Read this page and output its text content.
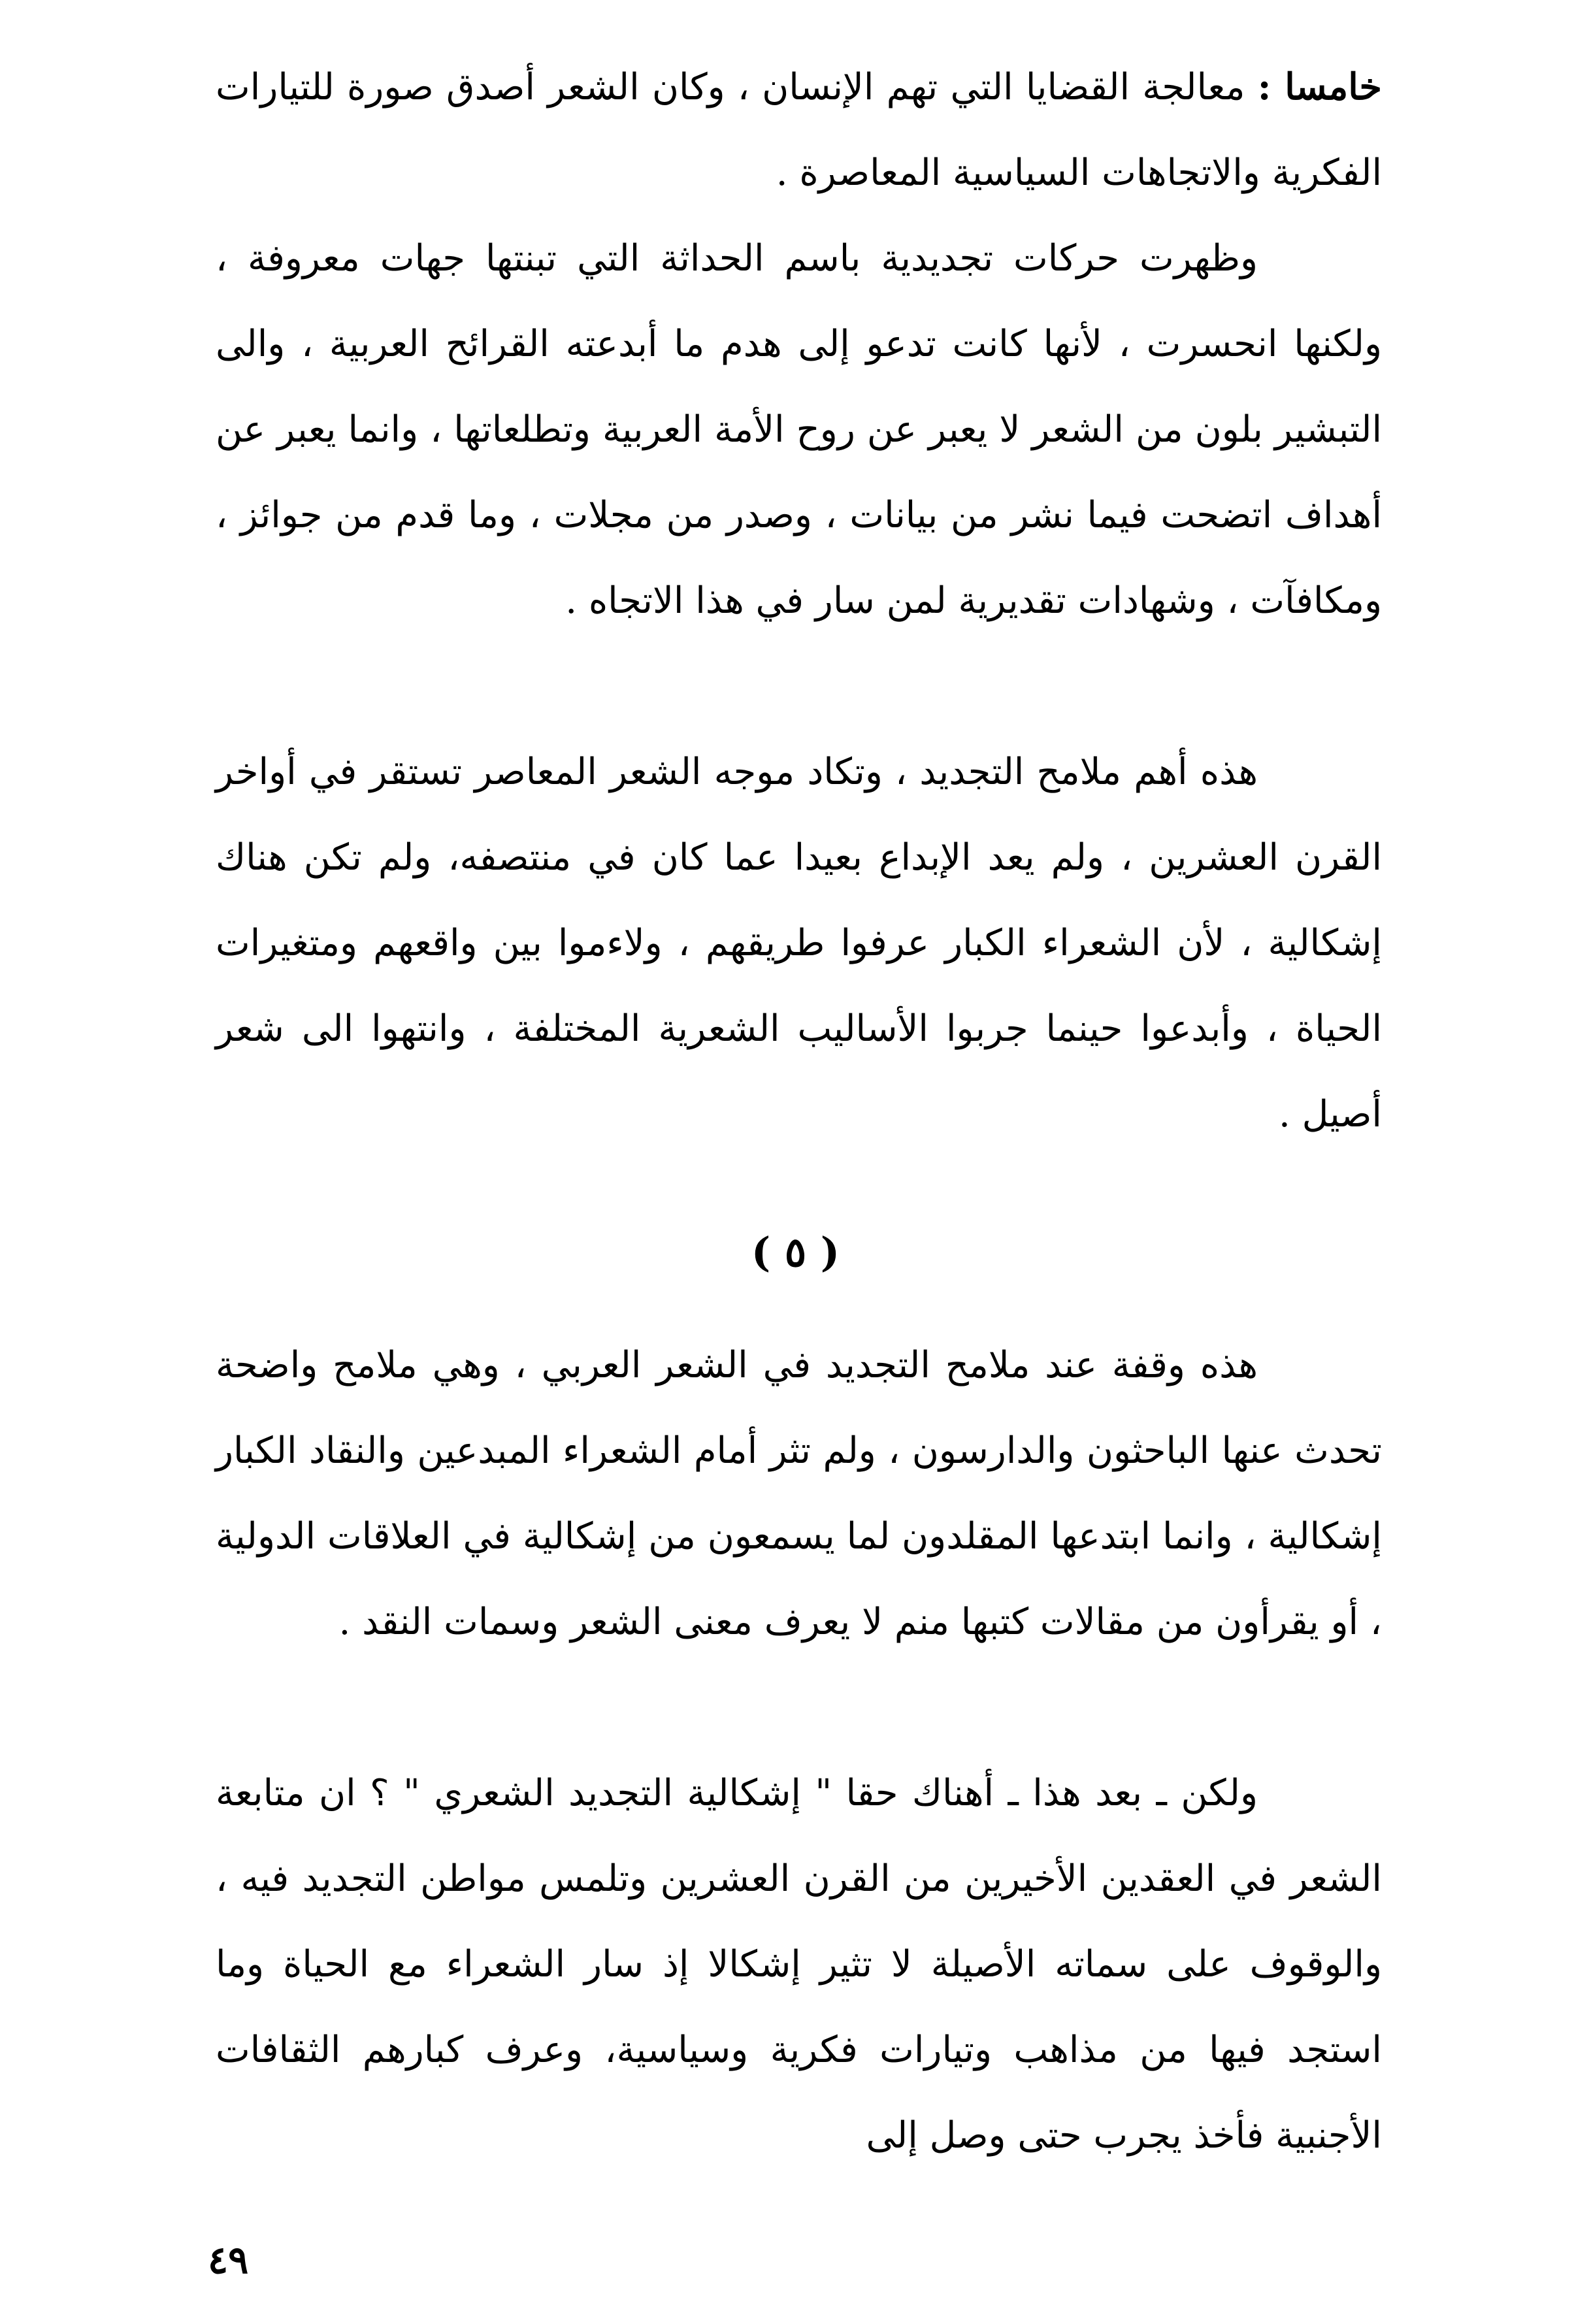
خامسا : معالجة القضايا التي تهم الإنسان ، وكان الشعر أصدق صورة للتيارات الفكرية والاتجاهات السياسية المعاصرة .

وظهرت حركات تجديدية باسم الحداثة التي تبنتها جهات معروفة ، ولكنها انحسرت ، لأنها كانت تدعو إلى هدم ما أبدعته القرائح العربية ، والى التبشير بلون من الشعر لا يعبر عن روح الأمة العربية وتطلعاتها ، وانما يعبر عن أهداف اتضحت فيما نشر من بيانات ، وصدر من مجلات ، وما قدم من جوائز ، ومكافآت ، وشهادات تقديرية لمن سار في هذا الاتجاه .

هذه أهم ملامح التجديد ، وتكاد موجه الشعر المعاصر تستقر في أواخر القرن العشرين ، ولم يعد الإبداع بعيدا عما كان في منتصفه، ولم تكن هناك إشكالية ، لأن الشعراء الكبار عرفوا طريقهم ، ولاءموا بين واقعهم ومتغيرات الحياة ، وأبدعوا حينما جربوا الأساليب الشعرية المختلفة ، وانتهوا الى شعر أصيل .

( ٥ )

هذه وقفة عند ملامح التجديد في الشعر العربي ، وهي ملامح واضحة تحدث عنها الباحثون والدارسون ، ولم تثر أمام الشعراء المبدعين والنقاد الكبار إشكالية ، وانما ابتدعها المقلدون لما يسمعون من إشكالية في العلاقات الدولية ، أو يقرأون من مقالات كتبها منم لا يعرف معنى الشعر وسمات النقد .

ولكن ـ بعد هذا ـ أهناك حقا " إشكالية التجديد الشعري " ؟ ان متابعة الشعر في العقدين الأخيرين من القرن العشرين وتلمس مواطن التجديد فيه ، والوقوف على سماته الأصيلة لا تثير إشكالا إذ سار الشعراء مع الحياة وما استجد فيها من مذاهب وتيارات فكرية وسياسية، وعرف كبارهم الثقافات الأجنبية فأخذ يجرب حتى وصل إلى

٤٩
